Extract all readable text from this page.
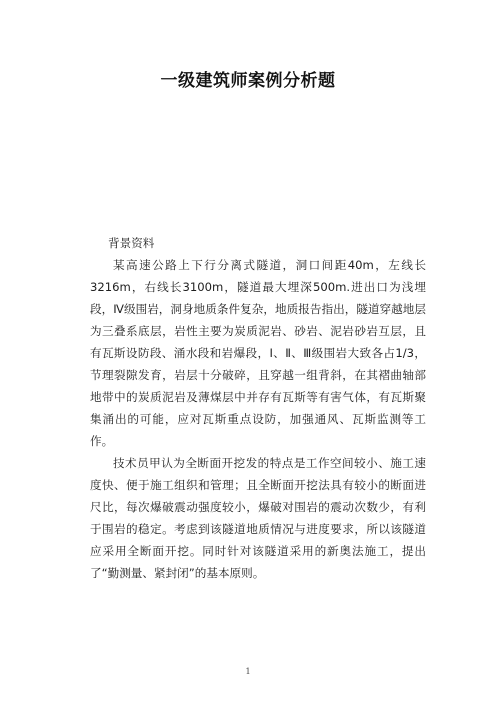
一级建筑师案例分析题

背景资料

某高速公路上下行分离式隧道，洞口间距40m，左线长3216m，右线长3100m，隧道最大埋深500m.进出口为浅埋段，Ⅳ级围岩，洞身地质条件复杂，地质报告指出，隧道穿越地层为三叠系底层，岩性主要为炭质泥岩、砂岩、泥岩砂岩互层，且有瓦斯设防段、涌水段和岩爆段，Ⅰ、Ⅱ、Ⅲ级围岩大致各占1/3，节理裂隙发育，岩层十分破碎，且穿越一组背斜，在其褶曲轴部地带中的炭质泥岩及薄煤层中并存有瓦斯等有害气体，有瓦斯聚集涌出的可能，应对瓦斯重点设防，加强通风、瓦斯监测等工作。

技术员甲认为全断面开挖发的特点是工作空间较小、施工速度快、便于施工组织和管理；且全断面开挖法具有较小的断面进尺比，每次爆破震动强度较小，爆破对围岩的震动次数少，有利于围岩的稳定。考虑到该隧道地质情况与进度要求，所以该隧道应采用全断面开挖。同时针对该隧道采用的新奥法施工，提出了“勤测量、紧封闭”的基本原则。

1
